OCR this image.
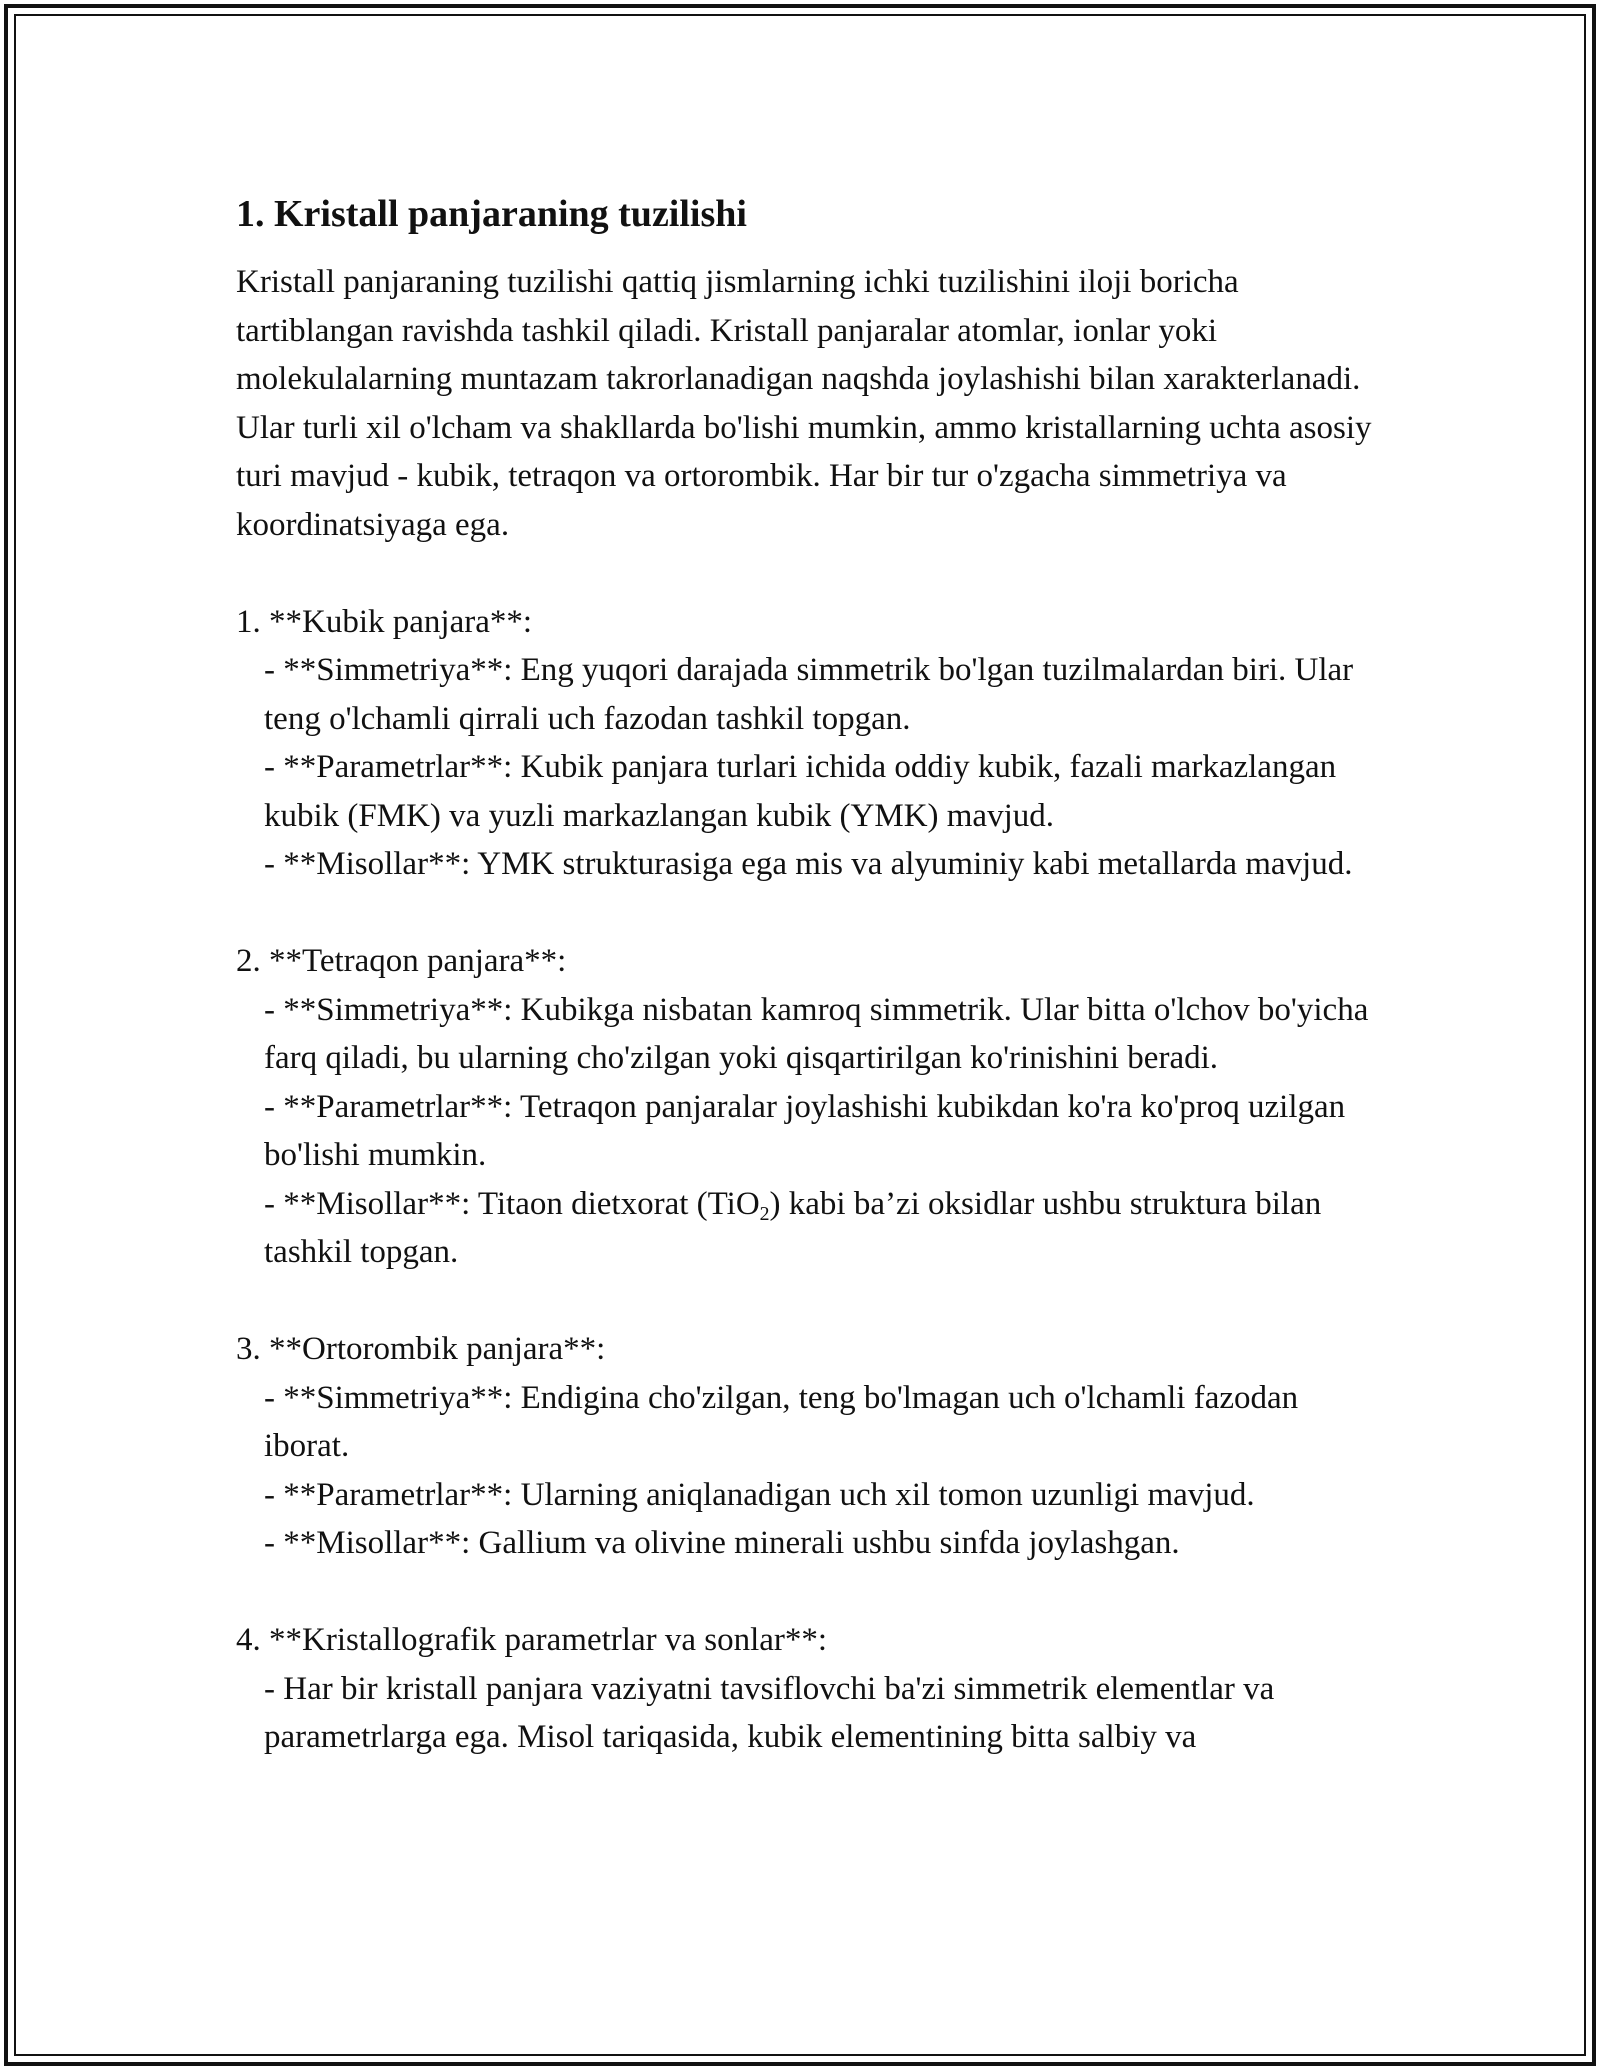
1. Kristall panjaraning tuzilishi

Kristall panjaraning tuzilishi qattiq jismlarning ichki tuzilishini iloji boricha tartiblangan ravishda tashkil qiladi. Kristall panjaralar atomlar, ionlar yoki molekulalarning muntazam takrorlanadigan naqshda joylashishi bilan xarakterlanadi. Ular turli xil o'lcham va shakllarda bo'lishi mumkin, ammo kristallarning uchta asosiy turi mavjud - kubik, tetraqon va ortorombik. Har bir tur o'zgacha simmetriya va koordinatsiyaga ega.

1. **Kubik panjara**:
- **Simmetriya**: Eng yuqori darajada simmetrik bo'lgan tuzilmalardan biri. Ular teng o'lchamli qirrali uch fazodan tashkil topgan.
- **Parametrlar**: Kubik panjara turlari ichida oddiy kubik, fazali markazlangan kubik (FMK) va yuzli markazlangan kubik (YMK) mavjud.
- **Misollar**: YMK strukturasiga ega mis va alyuminiy kabi metallarda mavjud.
2. **Tetraqon panjara**:
- **Simmetriya**: Kubikga nisbatan kamroq simmetrik. Ular bitta o'lchov bo'yicha farq qiladi, bu ularning cho'zilgan yoki qisqartirilgan ko'rinishini beradi.
- **Parametrlar**: Tetraqon panjaralar joylashishi kubikdan ko'ra ko'proq uzilgan bo'lishi mumkin.
- **Misollar**: Titaon dietxorat (TiO$_2$) kabi ba’zi oksidlar ushbu struktura bilan tashkil topgan.
3. **Ortorombik panjara**:
- **Simmetriya**: Endigina cho'zilgan, teng bo'lmagan uch o'lchamli fazodan iborat.
- **Parametrlar**: Ularning aniqlanadigan uch xil tomon uzunligi mavjud.
- **Misollar**: Gallium va olivine minerali ushbu sinfda joylashgan.
4. **Kristallografik parametrlar va sonlar**:
- Har bir kristall panjara vaziyatni tavsiflovchi ba'zi simmetrik elementlar va parametrlarga ega. Misol tariqasida, kubik elementining bitta salbiy va
